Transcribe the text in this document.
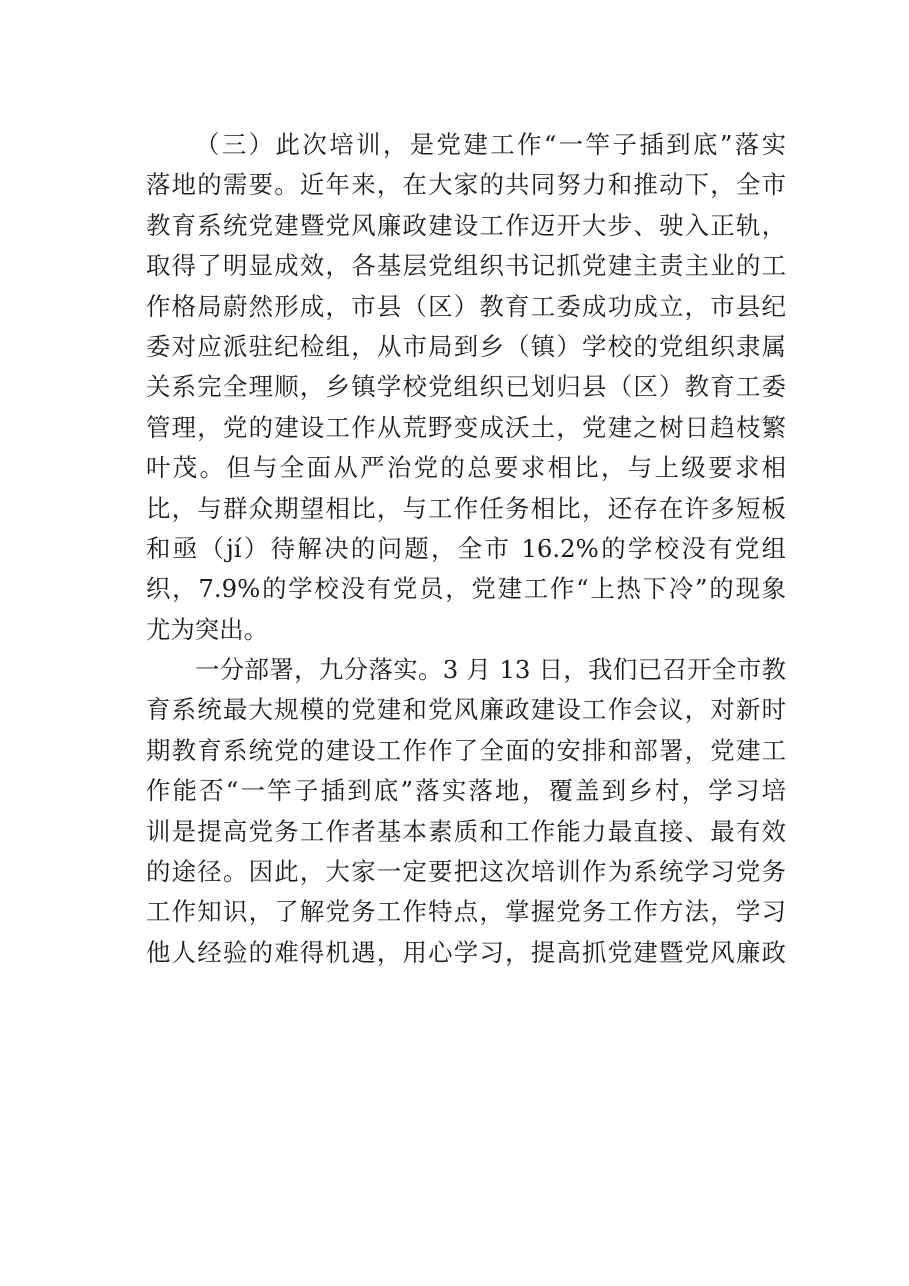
（三）此次培训，是党建工作“一竿子插到底”落实
落地的需要。近年来，在大家的共同努力和推动下，全市
教育系统党建暨党风廉政建设工作迈开大步、驶入正轨，
取得了明显成效，各基层党组织书记抓党建主责主业的工
作格局蔚然形成，市县（区）教育工委成功成立，市县纪
委对应派驻纪检组，从市局到乡（镇）学校的党组织隶属
关系完全理顺，乡镇学校党组织已划归县（区）教育工委
管理，党的建设工作从荒野变成沃土，党建之树日趋枝繁
叶茂。但与全面从严治党的总要求相比，与上级要求相
比，与群众期望相比，与工作任务相比，还存在许多短板
和亟（jí）待解决的问题，全市 16.2%的学校没有党组
织，7.9%的学校没有党员，党建工作“上热下冷”的现象
尤为突出。
一分部署，九分落实。3 月 13 日，我们已召开全市教
育系统最大规模的党建和党风廉政建设工作会议，对新时
期教育系统党的建设工作作了全面的安排和部署，党建工
作能否“一竿子插到底”落实落地，覆盖到乡村，学习培
训是提高党务工作者基本素质和工作能力最直接、最有效
的途径。因此，大家一定要把这次培训作为系统学习党务
工作知识，了解党务工作特点，掌握党务工作方法，学习
他人经验的难得机遇，用心学习，提高抓党建暨党风廉政
